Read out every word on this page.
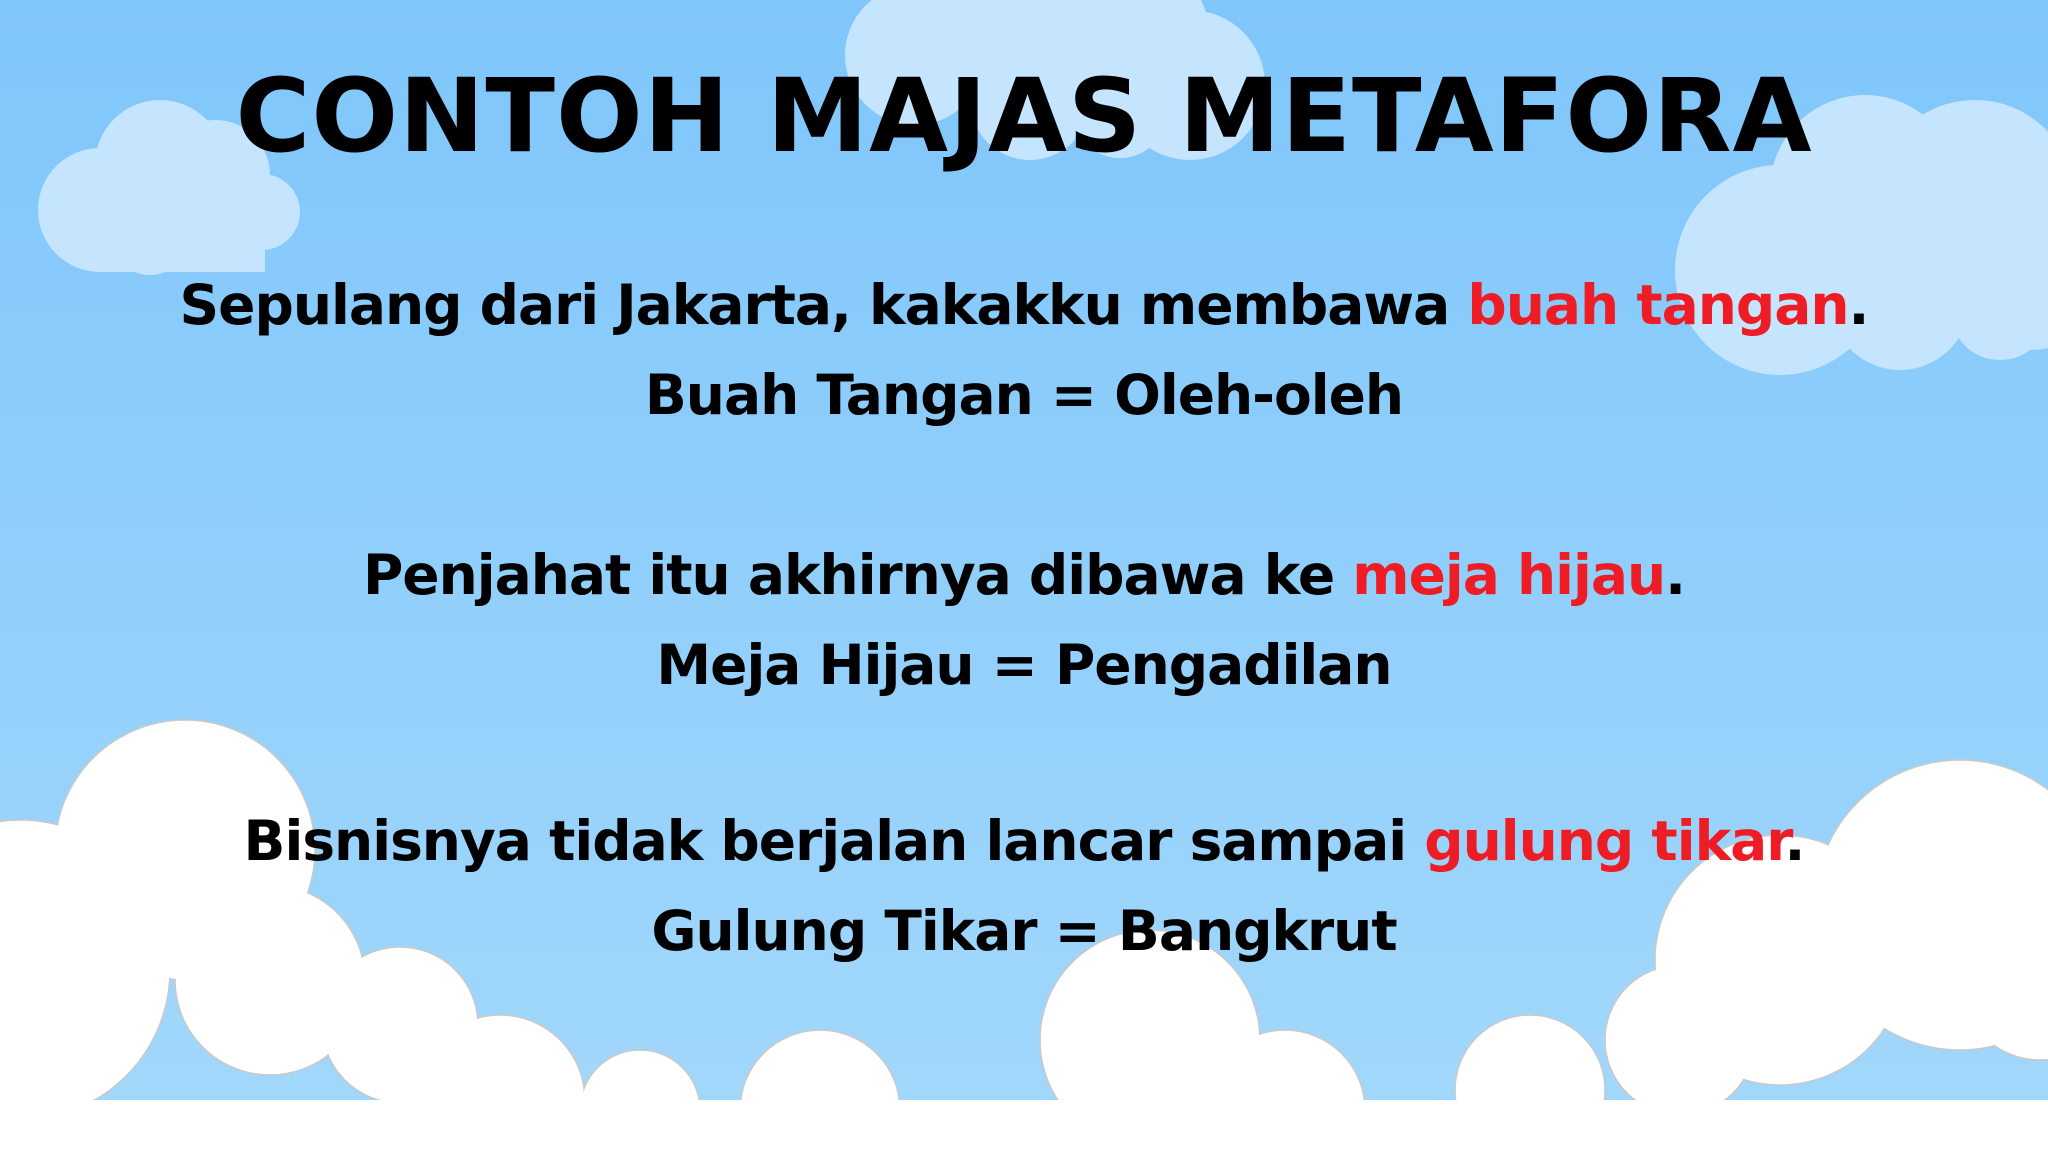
CONTOH MAJAS METAFORA
Sepulang dari Jakarta, kakakku membawa buah tangan.
Buah Tangan = Oleh-oleh
Penjahat itu akhirnya dibawa ke meja hijau.
Meja Hijau = Pengadilan
Bisnisnya tidak berjalan lancar sampai gulung tikar.
Gulung Tikar = Bangkrut
